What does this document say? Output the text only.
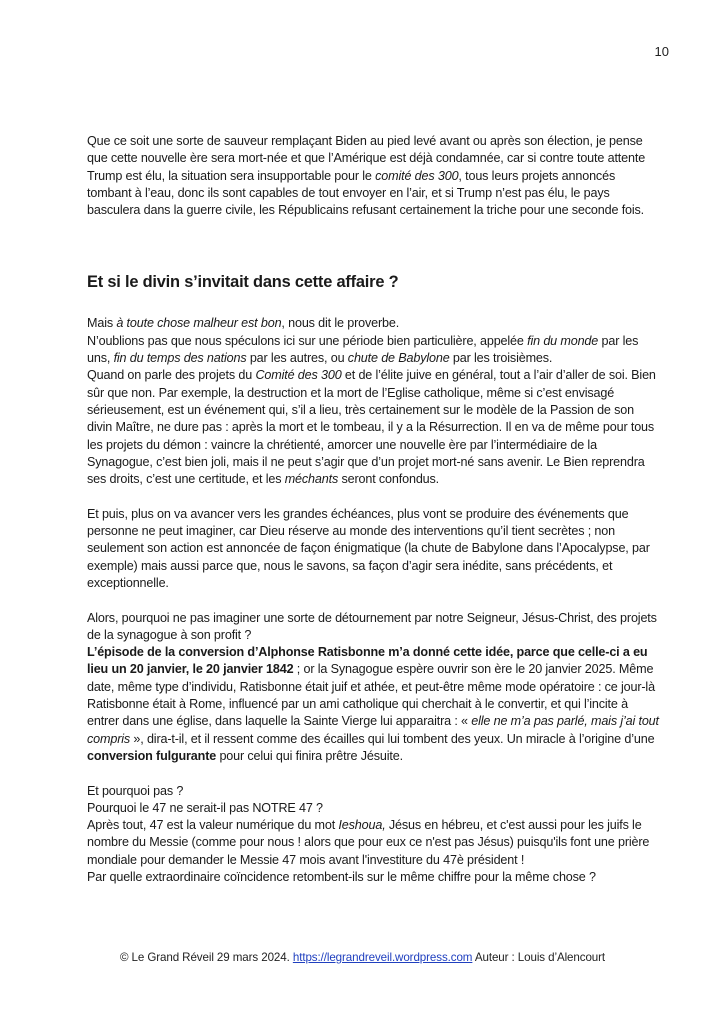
10

Que ce soit une sorte de sauveur remplaçant Biden au pied levé avant ou après son élection, je pense que cette nouvelle ère sera mort-née et que l’Amérique est déjà condamnée, car si contre toute attente Trump est élu, la situation sera insupportable pour le comité des 300, tous leurs projets annoncés tombant à l’eau, donc ils sont capables de tout envoyer en l’air, et si Trump n’est pas élu, le pays basculera dans la guerre civile, les Républicains refusant certainement la triche pour une seconde fois.

Et si le divin s’invitait dans cette affaire ?

Mais à toute chose malheur est bon, nous dit le proverbe.

N’oublions pas que nous spéculons ici sur une période bien particulière, appelée fin du monde par les uns, fin du temps des nations par les autres, ou chute de Babylone par les troisièmes.

Quand on parle des projets du Comité des 300 et de l’élite juive en général, tout a l’air d’aller de soi. Bien sûr que non. Par exemple, la destruction et la mort de l’Eglise catholique, même si c’est envisagé sérieusement, est un événement qui, s’il a lieu, très certainement sur le modèle de la Passion de son divin Maître, ne dure pas : après la mort et le tombeau, il y a la Résurrection. Il en va de même pour tous les projets du démon : vaincre la chrétienté, amorcer une nouvelle ère par l’intermédiaire de la Synagogue, c’est bien joli, mais il ne peut s’agir que d’un projet mort-né sans avenir. Le Bien reprendra ses droits, c’est une certitude, et les méchants seront confondus.

Et puis, plus on va avancer vers les grandes échéances, plus vont se produire des événements que personne ne peut imaginer, car Dieu réserve au monde des interventions qu’il tient secrètes ; non seulement son action est annoncée de façon énigmatique (la chute de Babylone dans l’Apocalypse, par exemple) mais aussi parce que, nous le savons, sa façon d’agir sera inédite, sans précédents, et exceptionnelle.

Alors, pourquoi ne pas imaginer une sorte de détournement par notre Seigneur, Jésus-Christ, des projets de la synagogue à son profit ?

L’épisode de la conversion d’Alphonse Ratisbonne m’a donné cette idée, parce que celle-ci a eu lieu un 20 janvier, le 20 janvier 1842 ; or la Synagogue espère ouvrir son ère le 20 janvier 2025. Même date, même type d’individu, Ratisbonne était juif et athée, et peut-être même mode opératoire : ce jour-là Ratisbonne était à Rome, influencé par un ami catholique qui cherchait à le convertir, et qui l’incite à entrer dans une église, dans laquelle la Sainte Vierge lui apparaitra : « elle ne m’a pas parlé, mais j’ai tout compris », dira-t-il, et il ressent comme des écailles qui lui tombent des yeux. Un miracle à l’origine d’une conversion fulgurante pour celui qui finira prêtre Jésuite.

Et pourquoi pas ?

Pourquoi le 47 ne serait-il pas NOTRE 47 ?

Après tout, 47 est la valeur numérique du mot Ieshoua, Jésus en hébreu, et c'est aussi pour les juifs le nombre du Messie (comme pour nous ! alors que pour eux ce n'est pas Jésus) puisqu'ils font une prière mondiale pour demander le Messie 47 mois avant l'investiture du 47è président !

Par quelle extraordinaire coïncidence retombent-ils sur le même chiffre pour la même chose ?

© Le Grand Réveil 29 mars 2024. https://legrandreveil.wordpress.com Auteur : Louis d’Alencourt
